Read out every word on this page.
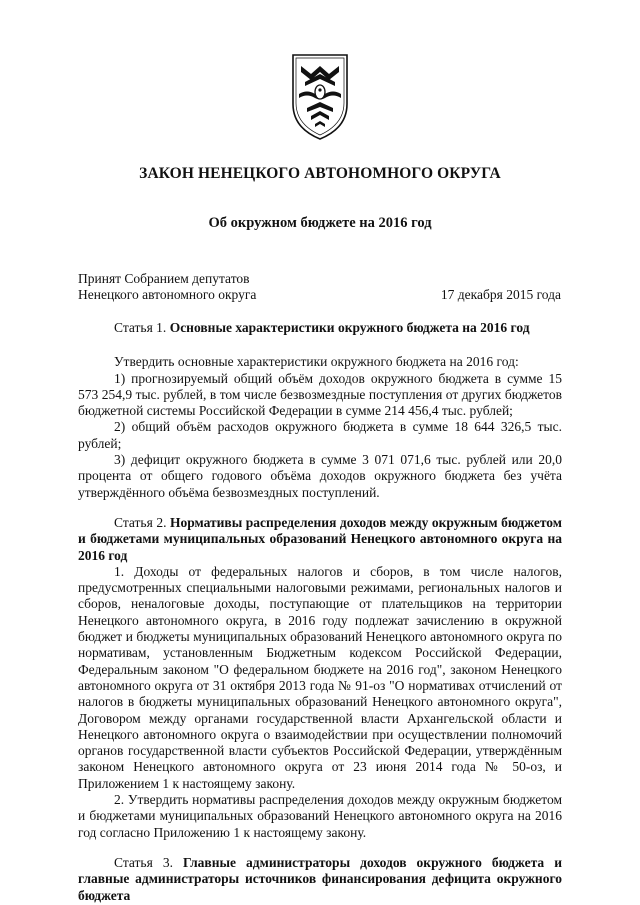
ЗАКОН НЕНЕЦКОГО АВТОНОМНОГО ОКРУГА
Об окружном бюджете на 2016 год
Принят Собранием депутатов
Ненецкого автономного округа	17 декабря 2015 года

Статья 1. Основные характеристики окружного бюджета на 2016 год

Утвердить основные характеристики окружного бюджета на 2016 год:

1) прогнозируемый общий объём доходов окружного бюджета в сумме 15 573 254,9 тыс. рублей, в том числе безвозмездные поступления от других бюджетов бюджетной системы Российской Федерации в сумме 214 456,4 тыс. рублей;

2) общий объём расходов окружного бюджета в сумме 18 644 326,5 тыс. рублей;

3) дефицит окружного бюджета в сумме 3 071 071,6 тыс. рублей или 20,0 процента от общего годового объёма доходов окружного бюджета без учёта утверждённого объёма безвозмездных поступлений.

Статья 2. Нормативы распределения доходов между окружным бюджетом и бюджетами муниципальных образований Ненецкого автономного округа на 2016 год

1. Доходы от федеральных налогов и сборов, в том числе налогов, предусмотренных специальными налоговыми режимами, региональных налогов и сборов, неналоговые доходы, поступающие от плательщиков на территории Ненецкого автономного округа, в 2016 году подлежат зачислению в окружной бюджет и бюджеты муниципальных образований Ненецкого автономного округа по нормативам, установленным Бюджетным кодексом Российской Федерации, Федеральным законом "О федеральном бюджете на 2016 год", законом Ненецкого автономного округа от 31 октября 2013 года № 91-оз "О нормативах отчислений от налогов в бюджеты муниципальных образований Ненецкого автономного округа", Договором между органами государственной власти Архангельской области и Ненецкого автономного округа о взаимодействии при осуществлении полномочий органов государственной власти субъектов Российской Федерации, утверждённым законом Ненецкого автономного округа от 23 июня 2014 года № 50-оз, и Приложением 1 к настоящему закону.

2. Утвердить нормативы распределения доходов между окружным бюджетом и бюджетами муниципальных образований Ненецкого автономного округа на 2016 год согласно Приложению 1 к настоящему закону.

Статья 3. Главные администраторы доходов окружного бюджета и главные администраторы источников финансирования дефицита окружного бюджета
